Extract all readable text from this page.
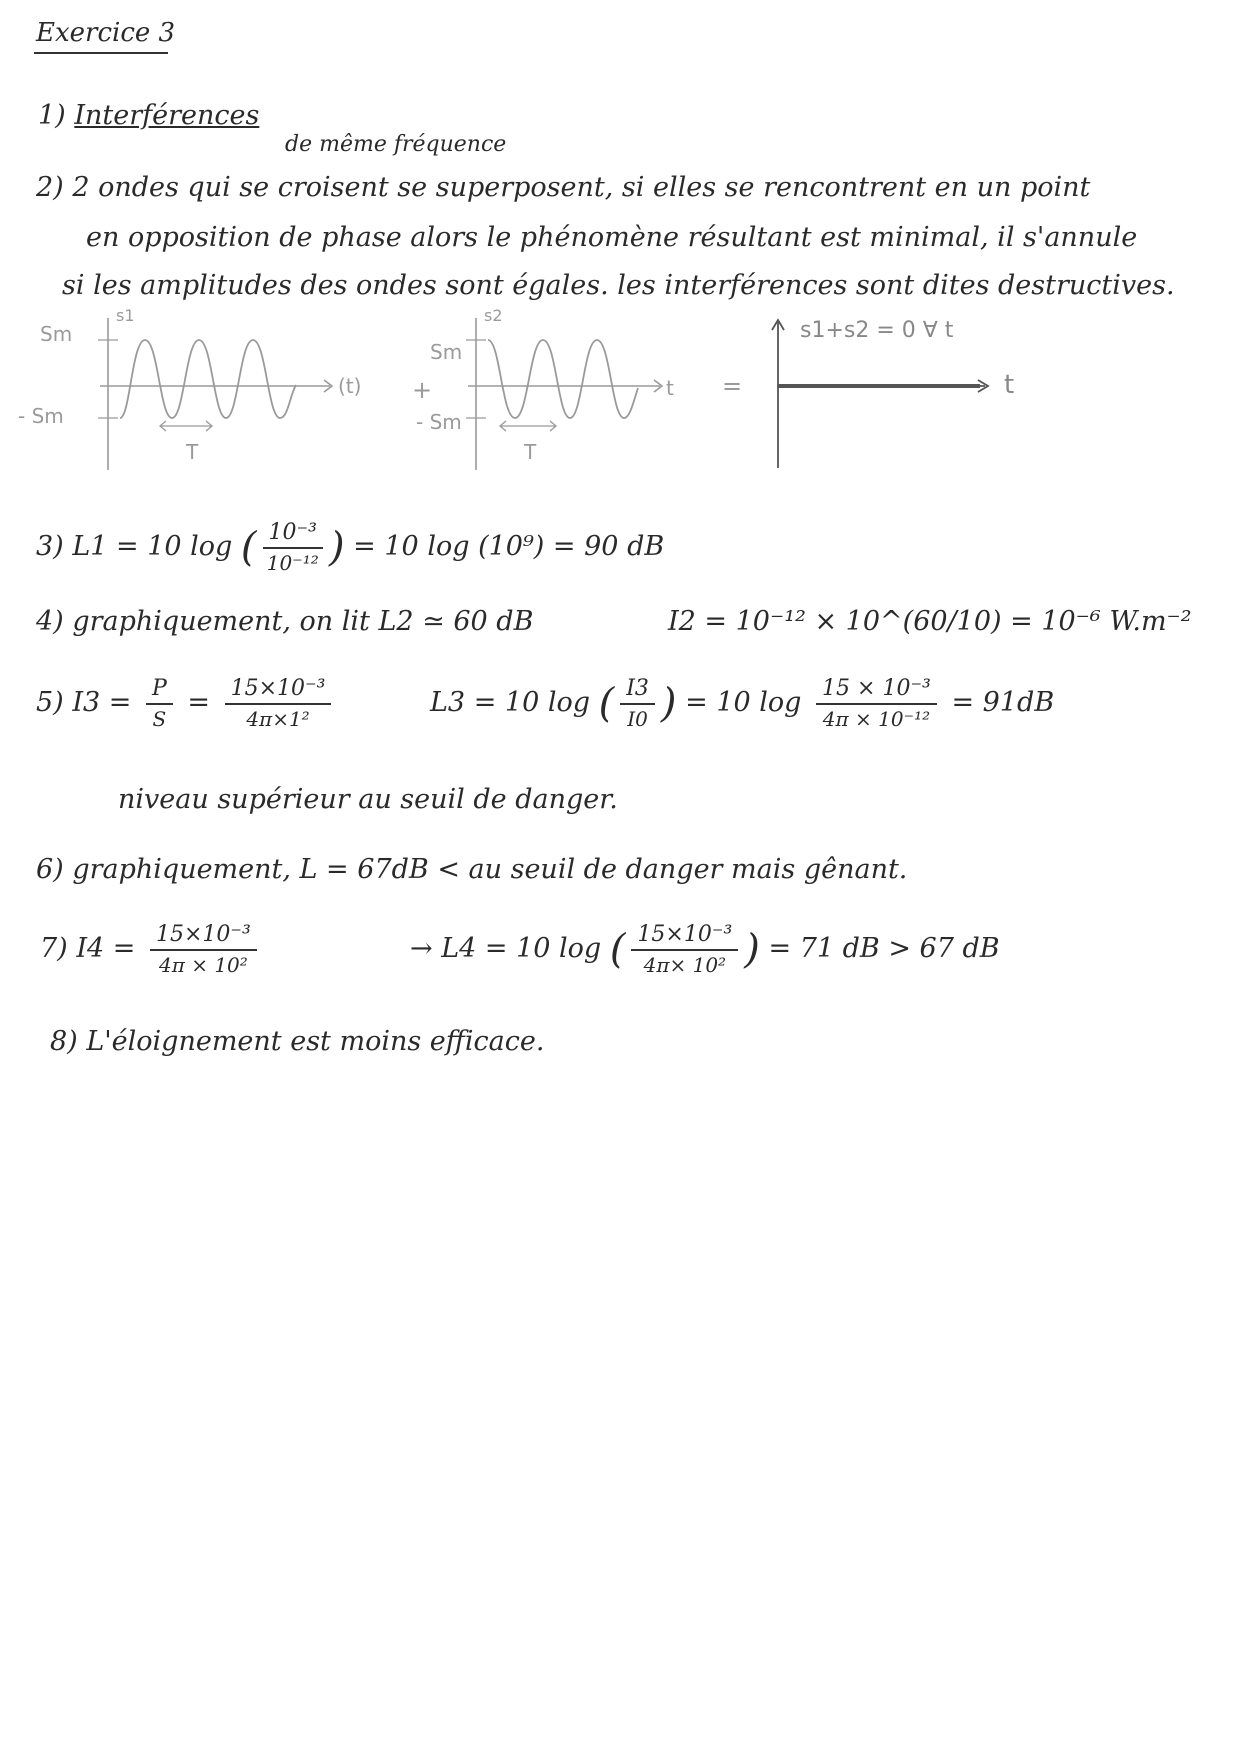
Exercice 3
1) Interférences
de même fréquence
2) 2 ondes qui se croisent se superposent, si elles se rencontrent en un point
en opposition de phase alors le phénomène résultant est minimal, il s'annule
si les amplitudes des ondes sont égales. les interférences sont dites destructives.
Sm
- Sm
s1
(t)
T
+
Sm
- Sm
s2
t
T
=
s1+s2 = 0 ∀ t
t
3) L1 = 10 log ( $\frac{\text{10⁻³}}{\text{10⁻¹²}}$ ) = 10 log (10⁹) = 90 dB
4) graphiquement, on lit L2 ≃ 60 dB	I2 = 10⁻¹² × 10^(60/10) = 10⁻⁶ W.m⁻²
5) $I3 = \frac{P}{S} = \frac{\text{15×10⁻³}}{\text{4π×1²}}$	L3 = 10 log ( $\frac{I3}{I0}$ ) = 10 $\log \frac{\text{15 × 10⁻³}}{\text{4π × 10⁻¹²}} = 91dB$
niveau supérieur au seuil de danger.
6) graphiquement, L = 67dB < au seuil de danger mais gênant.
7) $I4 = \frac{\text{15×10⁻³}}{\text{4π × 10²}}$	→ L4 = 10 log ( $\frac{\text{15×10⁻³}}{\text{4π× 10²}}$ ) = 71 dB > 67 dB
8) L'éloignement est moins efficace.
